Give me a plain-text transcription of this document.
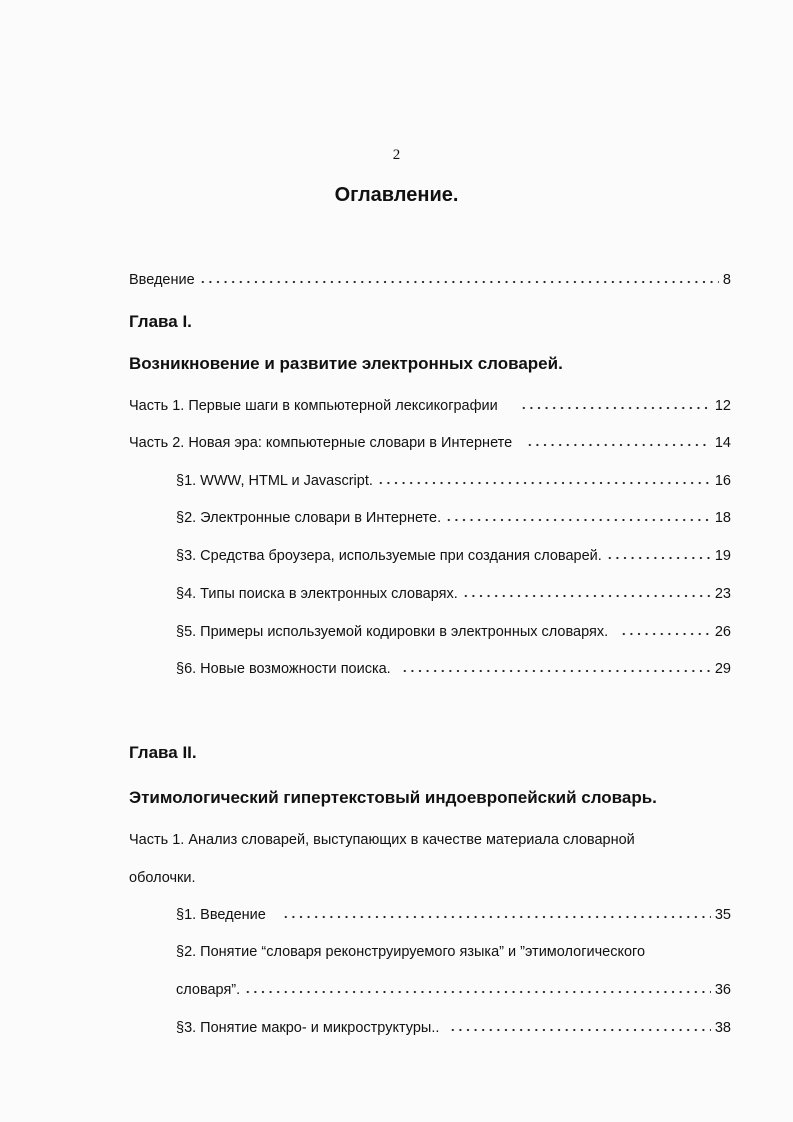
2
Оглавление.
Введение	8
Глава I.
Возникновение и развитие электронных словарей.
Часть 1. Первые шаги в компьютерной лексикографии	12
Часть 2. Новая эра: компьютерные словари в Интернете	14
§1. WWW, HTML и Javascript.	16
§2. Электронные словари в Интернете.	18
§3. Средства броузера, используемые при создания словарей.	19
§4. Типы поиска в электронных словарях.	23
§5. Примеры используемой кодировки в электронных словарях.	26
§6. Новые возможности поиска.	29
Глава II.
Этимологический гипертекстовый индоевропейский словарь.
Часть 1. Анализ словарей, выступающих в качестве материала словарной
оболочки.
§1. Введение	35
§2. Понятие “словаря реконструируемого языка” и ”этимологического
словаря”.	36
§3. Понятие макро- и микроструктуры..	38
